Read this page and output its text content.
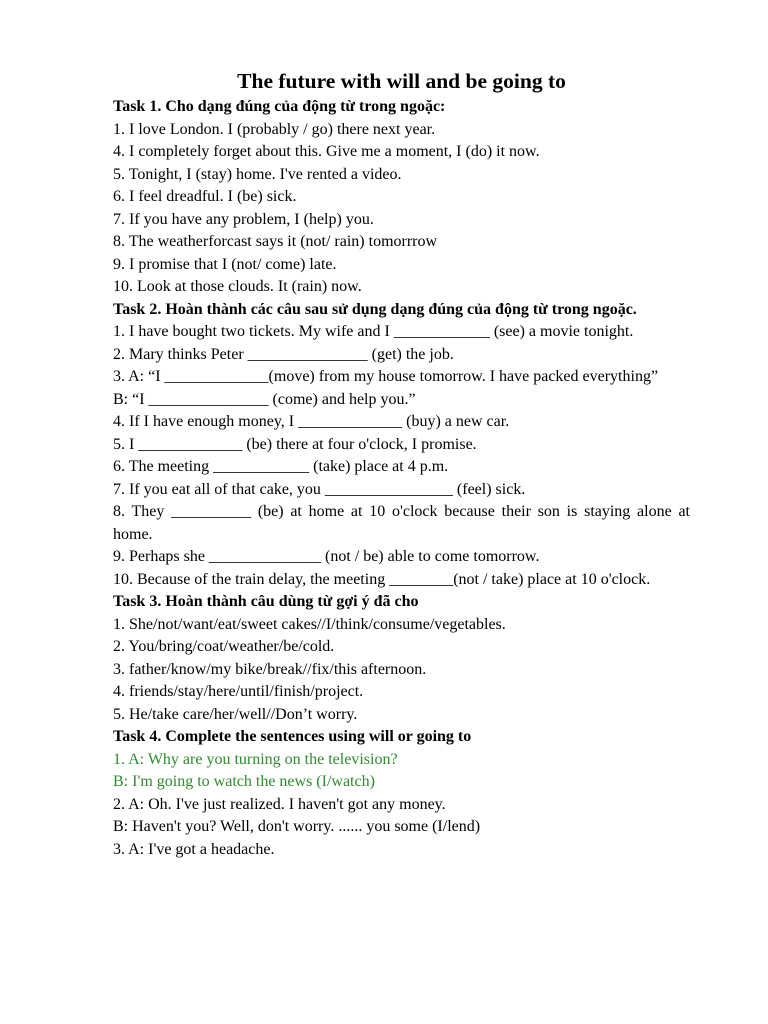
The future with will and be going to

Task 1. Cho dạng đúng của động từ trong ngoặc:

1. I love London. I (probably / go) there next year.

4. I completely forget about this. Give me a moment, I (do) it now.

5. Tonight, I (stay) home. I've rented a video.

6. I feel dreadful. I (be) sick.

7. If you have any problem, I (help) you.

8. The weatherforcast says it (not/ rain) tomorrrow

9. I promise that I (not/ come) late.

10. Look at those clouds. It (rain) now.

Task 2. Hoàn thành các câu sau sử dụng dạng đúng của động từ trong ngoặc.

1. I have bought two tickets. My wife and I ____________ (see) a movie tonight.

2. Mary thinks Peter _______________ (get) the job.

3. A: “I _____________(move) from my house tomorrow. I have packed everything”

B: “I _______________ (come) and help you.”

4. If I have enough money, I _____________ (buy) a new car.

5. I _____________ (be) there at four o'clock, I promise.

6. The meeting ____________ (take) place at 4 p.m.

7. If you eat all of that cake, you ________________ (feel) sick.

8. They __________ (be) at home at 10 o'clock because their son is staying alone at home.

9. Perhaps she ______________ (not / be) able to come tomorrow.

10. Because of the train delay, the meeting ________(not / take) place at 10 o'clock.

Task 3. Hoàn thành câu dùng từ gợi ý đã cho

1. She/not/want/eat/sweet cakes//I/think/consume/vegetables.

2. You/bring/coat/weather/be/cold.

3. father/know/my bike/break//fix/this afternoon.

4. friends/stay/here/until/finish/project.

5. He/take care/her/well//Don’t worry.

Task 4. Complete the sentences using will or going to

1. A: Why are you turning on the television?

B: I'm going to watch the news (I/watch)

2. A: Oh. I've just realized. I haven't got any money.

B: Haven't you? Well, don't worry. ...... you some (I/lend)

3. A: I've got a headache.
